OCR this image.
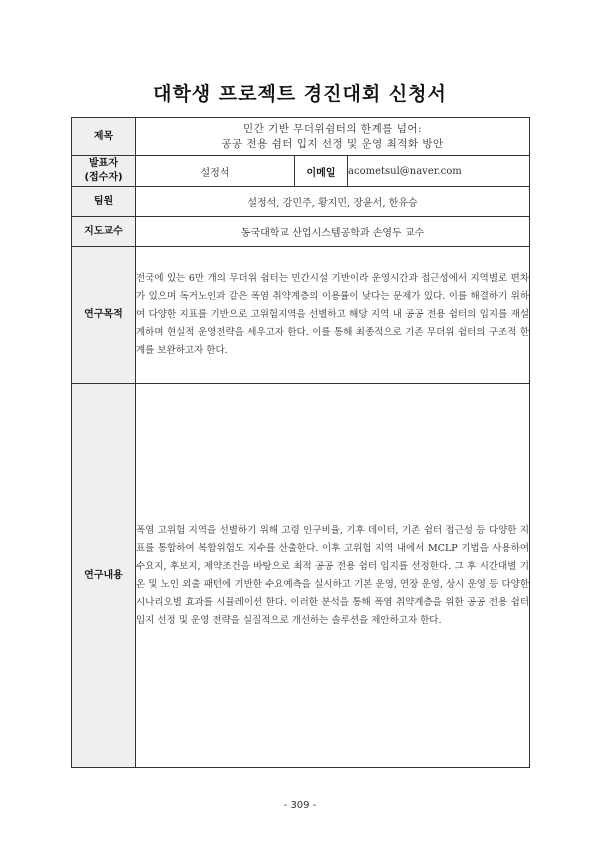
대학생 프로젝트 경진대회 신청서
제목	민간 기반 무더위쉼터의 한계를 넘어:
공공 전용 쉼터 입지 선정 및 운영 최적화 방안		

발표자
(접수자)	설정석	이메일	acometsul@naver.com
팀원	설정석, 강민주, 황지민, 장윤서, 한유승		
지도교수	동국대학교 산업시스템공학과 손영두 교수		
연구목적	전국에 있는 6만 개의 무더위 쉼터는 민간시설 기반이라 운영시간과 접근성에서 지역별로 편차가 있으며 독거노인과 같은 폭염 취약계층의 이용률이 낮다는 문제가 있다. 이를 해결하기 위하여 다양한 지표를 기반으로 고위험지역을 선별하고 해당 지역 내 공공 전용 쉼터의 입지를 재설계하며 현실적 운영전략을 세우고자 한다. 이를 통해 최종적으로 기존 무더위 쉼터의 구조적 한계를 보완하고자 한다.		
연구내용	폭염 고위험 지역을 선별하기 위해 고령 인구비율, 기후 데이터, 기존 쉼터 접근성 등 다양한 지표를 통합하여 복합위험도 지수를 산출한다. 이후 고위험 지역 내에서 MCLP 기법을 사용하여 수요지, 후보지, 제약조건을 바탕으로 최적 공공 전용 쉼터 입지를 선정한다. 그 후 시간대별 기온 및 노인 외출 패턴에 기반한 수요예측을 실시하고 기본 운영, 연장 운영, 상시 운영 등 다양한 시나리오별 효과를 시뮬레이션 한다. 이러한 분석을 통해 폭염 취약계층을 위한 공공 전용 쉼터 입지 선정 및 운영 전략을 실질적으로 개선하는 솔루션을 제안하고자 한다.		
- 309 -
